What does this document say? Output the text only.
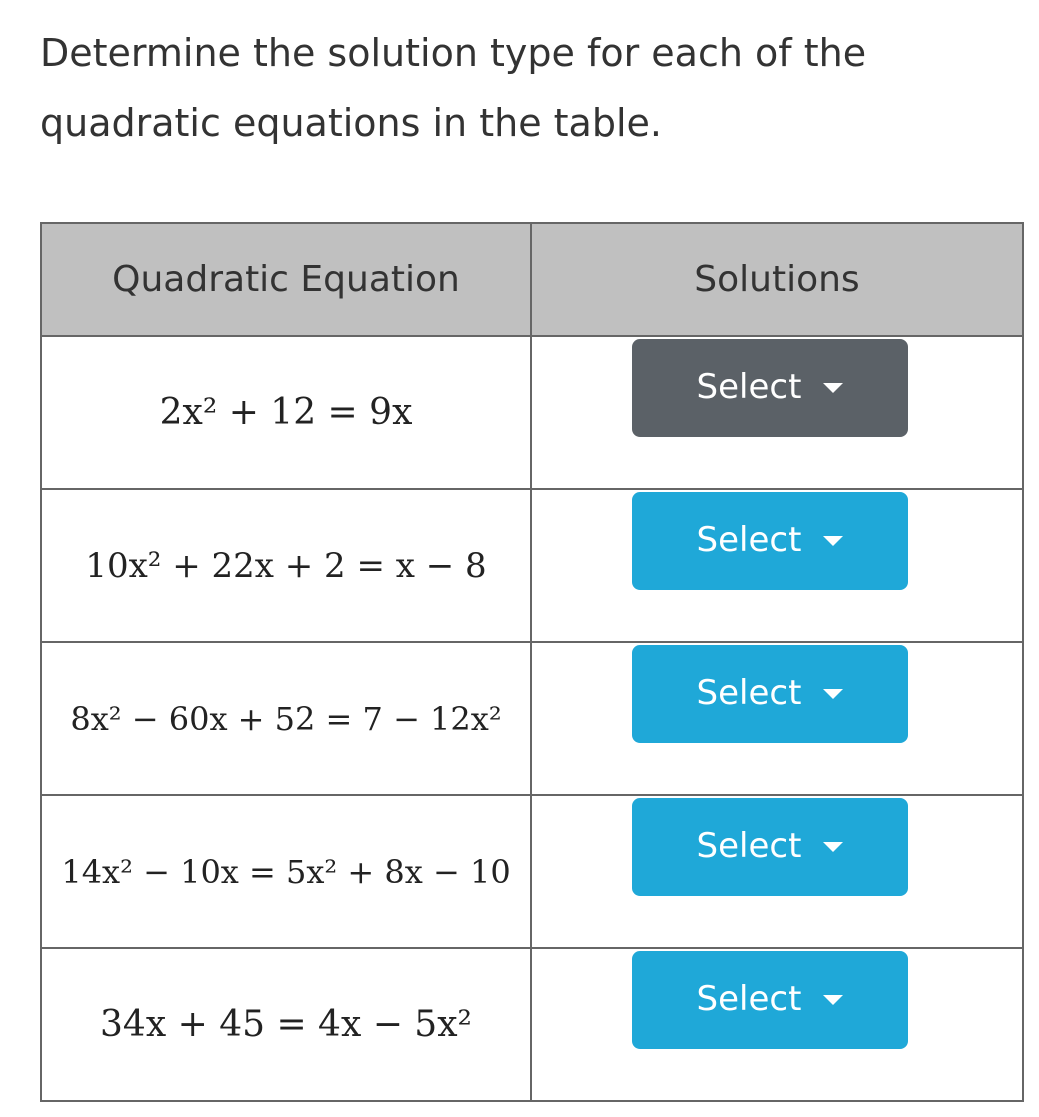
Determine the solution type for each of the
quadratic equations in the table.
Quadratic Equation	Solutions

2x² + 12 = 9x	Select

10x² + 22x + 2 = x − 8	Select

8x² − 60x + 52 = 7 − 12x²	Select

14x² − 10x = 5x² + 8x − 10	Select

34x + 45 = 4x − 5x²	Select
